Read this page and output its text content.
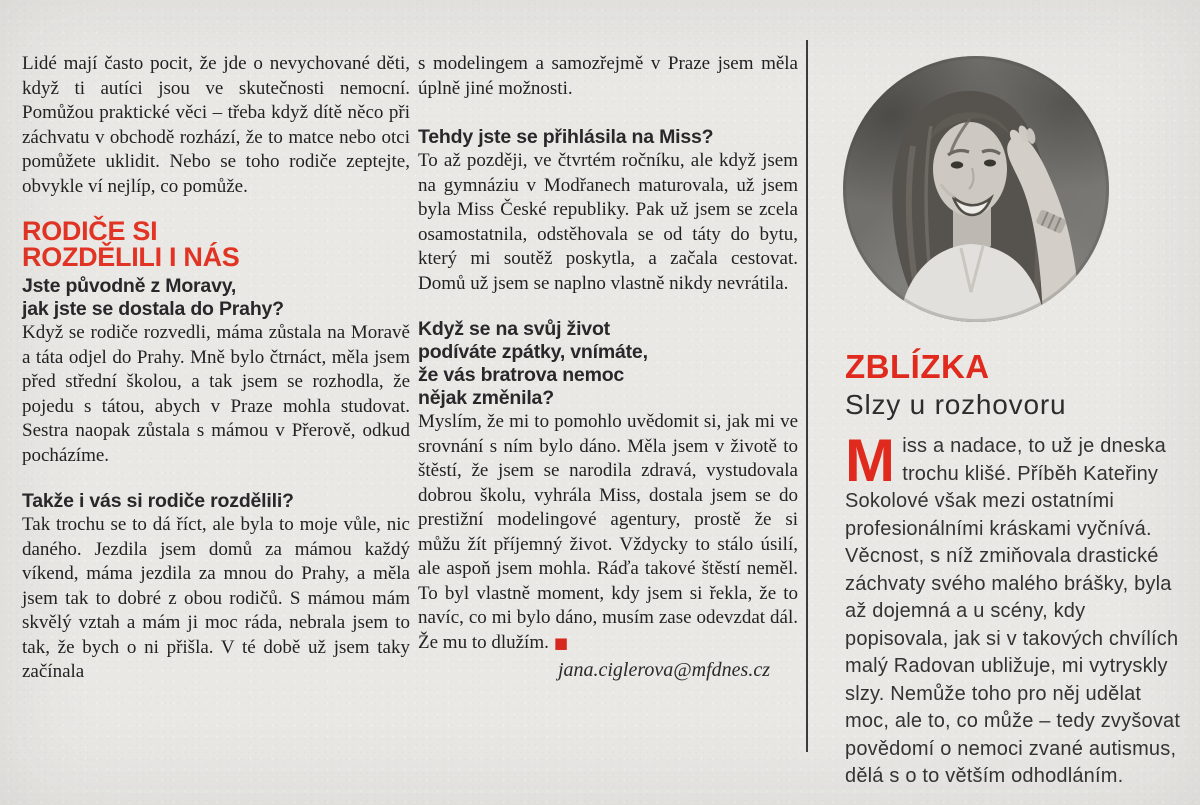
Lidé mají často pocit, že jde o nevychované děti, když ti autíci jsou ve skutečnosti nemocní. Pomůžou praktické věci – třeba když dítě něco při záchvatu v obchodě rozhází, že to matce nebo otci pomůžete uklidit. Nebo se toho rodiče zeptejte, obvykle ví nejlíp, co pomůže.

RODIČE SI
ROZDĚLILI I NÁS
Jste původně z Moravy,
jak jste se dostala do Prahy?

Když se rodiče rozvedli, máma zůstala na Moravě a táta odjel do Prahy. Mně bylo čtrnáct, měla jsem před střední školou, a tak jsem se rozhodla, že pojedu s tátou, abych v Praze mohla studovat. Sestra naopak zůstala s mámou v Přerově, odkud pocházíme.

Takže i vás si rodiče rozdělili?

Tak trochu se to dá říct, ale byla to moje vůle, nic daného. Jezdila jsem domů za mámou každý víkend, máma jezdila za mnou do Prahy, a měla jsem tak to dobré z obou rodičů. S mámou mám skvělý vztah a mám ji moc ráda, nebrala jsem to tak, že bych o ni přišla. V té době už jsem taky začínala

s modelingem a samozřejmě v Praze jsem měla úplně jiné možnosti.

Tehdy jste se přihlásila na Miss?

To až později, ve čtvrtém ročníku, ale když jsem na gymnáziu v Modřanech maturovala, už jsem byla Miss České republiky. Pak už jsem se zcela osamostatnila, odstěhovala se od táty do bytu, který mi soutěž poskytla, a začala cestovat. Domů už jsem se naplno vlastně nikdy nevrátila.

Když se na svůj život
podíváte zpátky, vnímáte,
že vás bratrova nemoc
nějak změnila?

Myslím, že mi to pomohlo uvědomit si, jak mi ve srovnání s ním bylo dáno. Měla jsem v životě to štěstí, že jsem se narodila zdravá, vystudovala dobrou školu, vyhrála Miss, dostala jsem se do prestižní modelingové agentury, prostě že si můžu žít příjemný život. Vždycky to stálo úsilí, ale aspoň jsem mohla. Ráďa takové štěstí neměl. To byl vlastně moment, kdy jsem si řekla, že to navíc, co mi bylo dáno, musím zase odevzdat dál. Že mu to dlužím. ■

jana.ciglerova@mfdnes.cz

ZBLÍZKA
Slzy u rozhovoru

Miss a nadace, to už je dneska trochu klišé. Příběh Kateřiny Sokolové však mezi ostatními profesionálními kráskami vyčnívá. Věcnost, s níž zmiňovala drastické záchvaty svého malého brášky, byla až dojemná a u scény, kdy popisovala, jak si v takových chvílích malý Radovan ubližuje, mi vytryskly slzy. Nemůže toho pro něj udělat moc, ale to, co může – tedy zvyšovat povědomí o nemoci zvané autismus, dělá s o to větším odhodláním.
